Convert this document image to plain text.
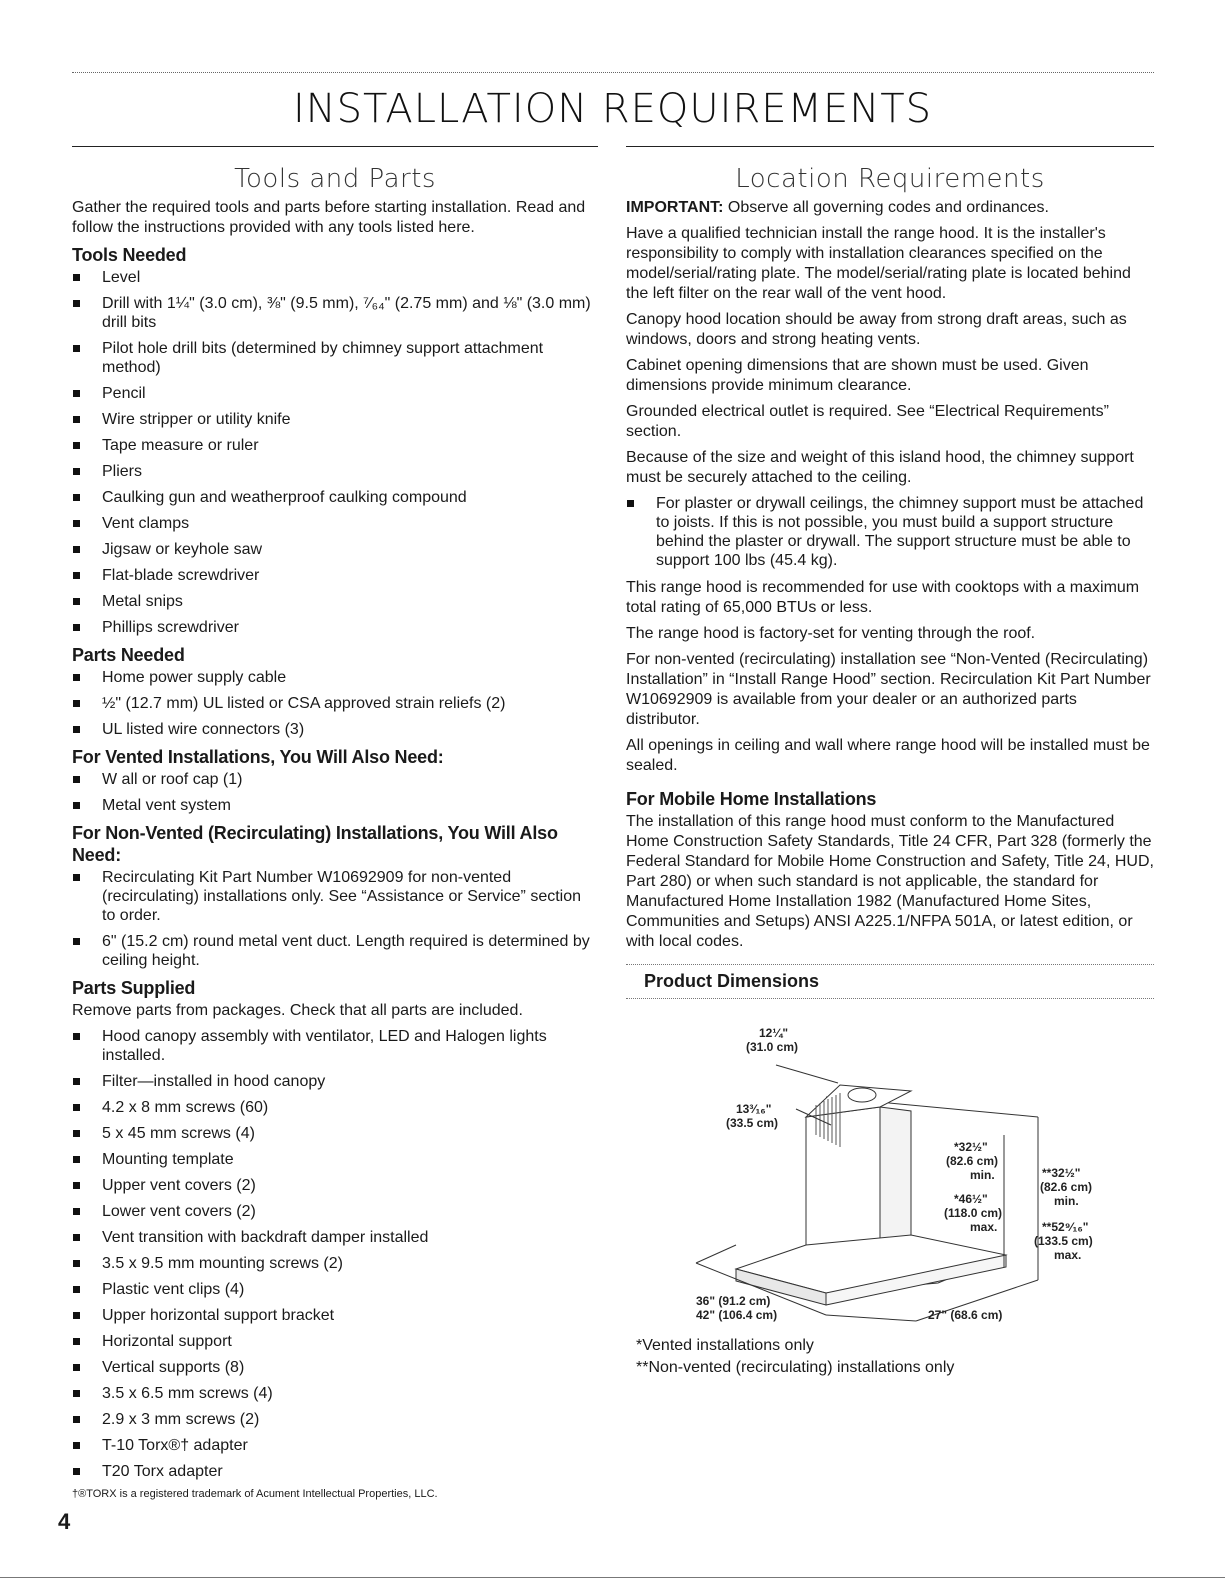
INSTALLATION REQUIREMENTS
Tools and Parts

Gather the required tools and parts before starting installation. Read and follow the instructions provided with any tools listed here.

Tools Needed
Level
Drill with 1¼" (3.0 cm), ⅜" (9.5 mm), ⁷⁄₆₄" (2.75 mm) and ⅛" (3.0 mm) drill bits
Pilot hole drill bits (determined by chimney support attachment method)
Pencil
Wire stripper or utility knife
Tape measure or ruler
Pliers
Caulking gun and weatherproof caulking compound
Vent clamps
Jigsaw or keyhole saw
Flat-blade screwdriver
Metal snips
Phillips screwdriver
Parts Needed
Home power supply cable
½" (12.7 mm) UL listed or CSA approved strain reliefs (2)
UL listed wire connectors (3)
For Vented Installations, You Will Also Need:
W all or roof cap (1)
Metal vent system
For Non-Vented (Recirculating) Installations, You Will Also Need:
Recirculating Kit Part Number W10692909 for non-vented (recirculating) installations only. See “Assistance or Service” section to order.
6" (15.2 cm) round metal vent duct. Length required is determined by ceiling height.
Parts Supplied

Remove parts from packages. Check that all parts are included.

Hood canopy assembly with ventilator, LED and Halogen lights installed.
Filter—installed in hood canopy
4.2 x 8 mm screws (60)
5 x 45 mm screws (4)
Mounting template
Upper vent covers (2)
Lower vent covers (2)
Vent transition with backdraft damper installed
3.5 x 9.5 mm mounting screws (2)
Plastic vent clips (4)
Upper horizontal support bracket
Horizontal support
Vertical supports (8)
3.5 x 6.5 mm screws (4)
2.9 x 3 mm screws (2)
T-10 Torx®† adapter
T20 Torx adapter
†®TORX is a registered trademark of Acument Intellectual Properties, LLC.
Location Requirements

IMPORTANT: Observe all governing codes and ordinances.

Have a qualified technician install the range hood. It is the installer's responsibility to comply with installation clearances specified on the model/serial/rating plate. The model/serial/rating plate is located behind the left filter on the rear wall of the vent hood.

Canopy hood location should be away from strong draft areas, such as windows, doors and strong heating vents.

Cabinet opening dimensions that are shown must be used. Given dimensions provide minimum clearance.

Grounded electrical outlet is required. See “Electrical Requirements” section.

Because of the size and weight of this island hood, the chimney support must be securely attached to the ceiling.

For plaster or drywall ceilings, the chimney support must be attached to joists. If this is not possible, you must build a support structure behind the plaster or drywall. The support structure must be able to support 100 lbs (45.4 kg).

This range hood is recommended for use with cooktops with a maximum total rating of 65,000 BTUs or less.

The range hood is factory-set for venting through the roof.

For non-vented (recirculating) installation see “Non-Vented (Recirculating) Installation” in “Install Range Hood” section. Recirculation Kit Part Number W10692909 is available from your dealer or an authorized parts distributor.

All openings in ceiling and wall where range hood will be installed must be sealed.

For Mobile Home Installations

The installation of this range hood must conform to the Manufactured Home Construction Safety Standards, Title 24 CFR, Part 328 (formerly the Federal Standard for Mobile Home Construction and Safety, Title 24, HUD, Part 280) or when such standard is not applicable, the standard for Manufactured Home Installation 1982 (Manufactured Home Sites, Communities and Setups) ANSI A225.1/NFPA 501A, or latest edition, or with local codes.

Product Dimensions
12¼"
(31.0 cm)
13³⁄₁₆"
(33.5 cm)
*32½"
(82.6 cm)
min.
*46½"
(118.0 cm)
max.
**32½"
(82.6 cm)
min.
**52⁹⁄₁₆"
(133.5 cm)
max.
36" (91.2 cm)
42" (106.4 cm)	27" (68.6 cm)

*Vented installations only

**Non-vented (recirculating) installations only

4
